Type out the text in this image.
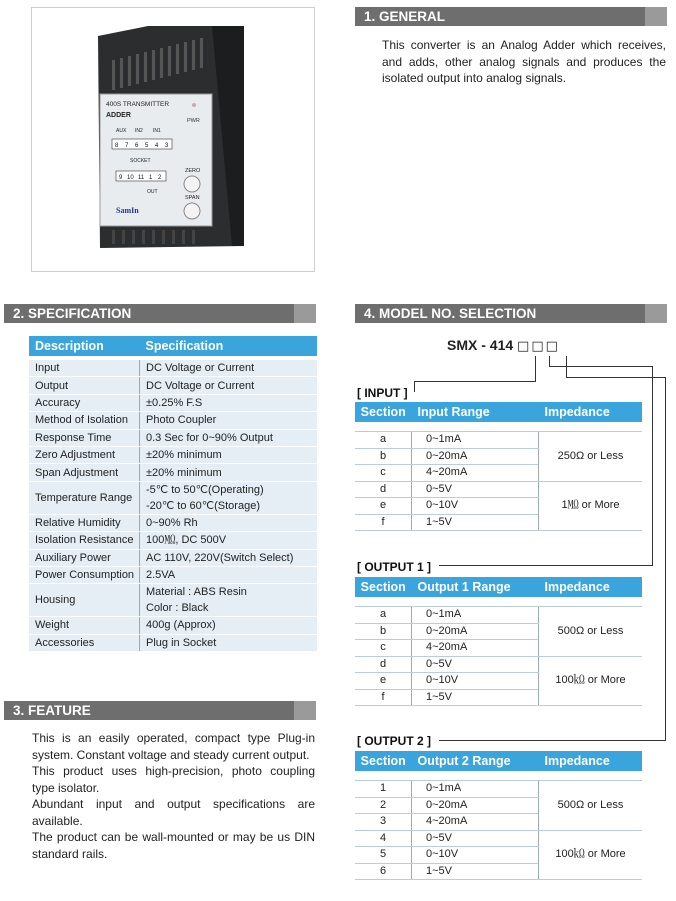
400S TRANSMITTER
ADDER
PWR
AUX IN2 IN1
8 7 6 5 4 3
SOCKET
9 10 11 1 2
OUT
ZERO
SPAN
SamIn
1. GENERAL
This converter is an Analog Adder which receives, and adds, other analog signals and produces the isolated output into analog signals.
2. SPECIFICATION
Description	Specification

Input	DC Voltage or Current
Output	DC Voltage or Current
Accuracy	±0.25% F.S
Method of Isolation	Photo Coupler
Response Time	0.3 Sec for 0~90% Output
Zero Adjustment	±20% minimum
Span Adjustment	±20% minimum
Temperature Range	-5℃ to 50℃(Operating)
-20℃ to 60℃(Storage)

Relative Humidity	0~90% Rh
Isolation Resistance	100㏁, DC 500V
Auxiliary Power	AC 110V, 220V(Switch Select)
Power Consumption	2.5VA
Housing	Material : ABS Resin
Color : Black

Weight	400g (Approx)
Accessories	Plug in Socket
3. FEATURE
This is an easily operated, compact type Plug-in system. Constant voltage and steady current output.
This product uses high-precision, photo coupling type isolator.
Abundant input and output specifications are available.
The product can be wall-mounted or may be us DIN standard rails.
4. MODEL NO. SELECTION
SMX - 414 □□□
[ INPUT ]
Section	Input Range	Impedance

a	0~1mA	250Ω or Less
b	0~20mA	
c	4~20mA	
d	0~5V	1㏁ or More
e	0~10V	
f	1~5V	
[ OUTPUT 1 ]
Section	Output 1 Range	Impedance

a	0~1mA	500Ω or Less
b	0~20mA	
c	4~20mA	
d	0~5V	100㏀ or More
e	0~10V	
f	1~5V	
[ OUTPUT 2 ]
Section	Output 2 Range	Impedance

1	0~1mA	500Ω or Less
2	0~20mA	
3	4~20mA	
4	0~5V	100㏀ or More
5	0~10V	
6	1~5V	
